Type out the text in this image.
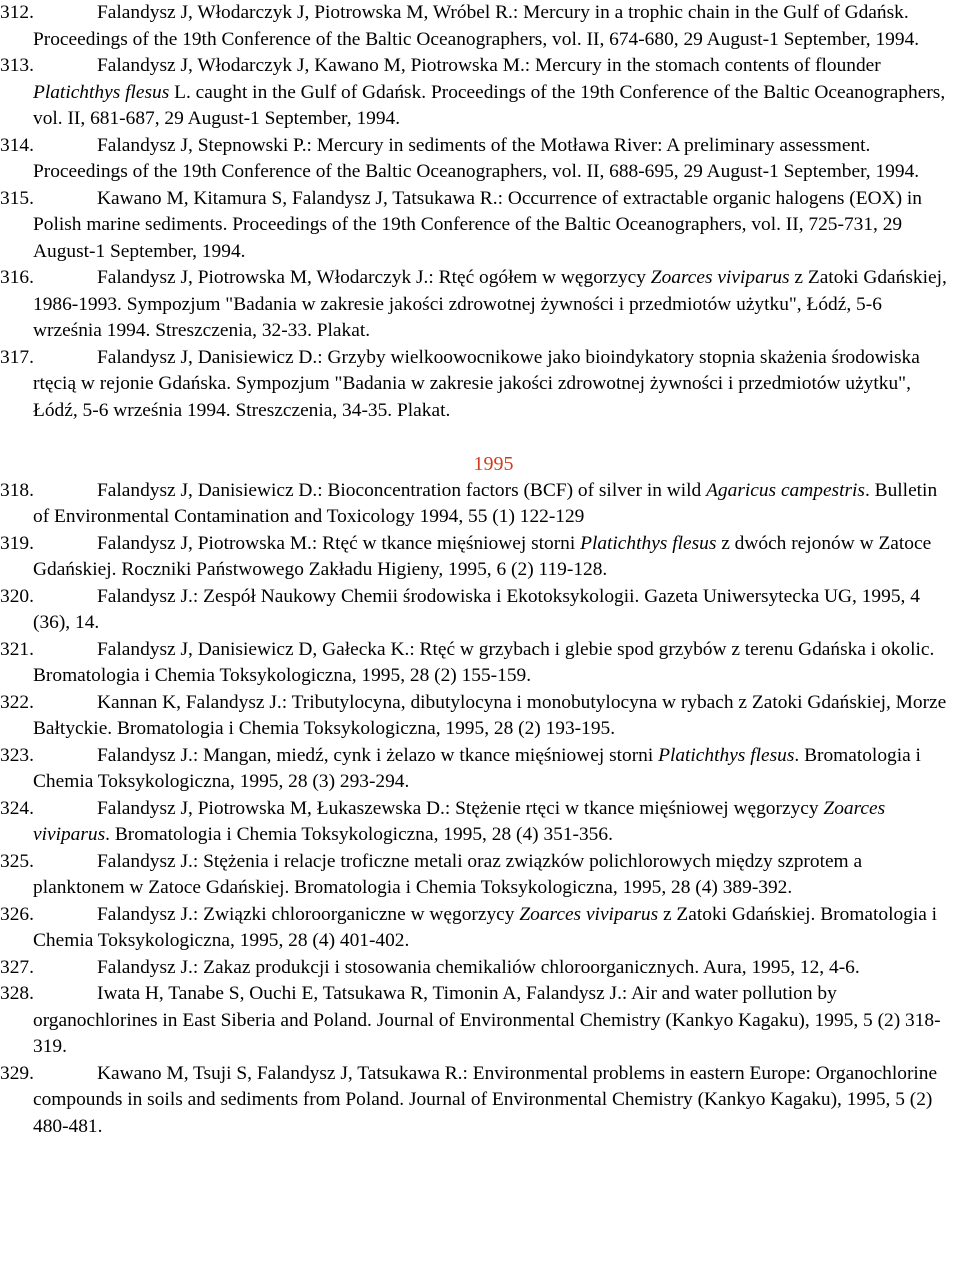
312.	Falandysz J, Włodarczyk J, Piotrowska M, Wróbel R.: Mercury in a trophic chain in the Gulf of Gdańsk. Proceedings of the 19th Conference of the Baltic Oceanographers, vol. II, 674-680, 29 August-1 September, 1994.
313.	Falandysz J, Włodarczyk J, Kawano M, Piotrowska M.: Mercury in the stomach contents of flounder Platichthys flesus L. caught in the Gulf of Gdańsk. Proceedings of the 19th Conference of the Baltic Oceanographers, vol. II, 681-687, 29 August-1 September, 1994.
314.	Falandysz J, Stepnowski P.: Mercury in sediments of the Motława River: A preliminary assessment. Proceedings of the 19th Conference of the Baltic Oceanographers, vol. II, 688-695, 29 August-1 September, 1994.
315.	Kawano M, Kitamura S, Falandysz J, Tatsukawa R.: Occurrence of extractable organic halogens (EOX) in Polish marine sediments. Proceedings of the 19th Conference of the Baltic Oceanographers, vol. II, 725-731, 29 August-1 September, 1994.
316.	Falandysz J, Piotrowska M, Włodarczyk J.: Rtęć ogółem w węgorzycy Zoarces viviparus z Zatoki Gdańskiej, 1986-1993. Sympozjum "Badania w zakresie jakości zdrowotnej żywności i przedmiotów użytku", Łódź, 5-6 września 1994. Streszczenia, 32-33. Plakat.
317.	Falandysz J, Danisiewicz D.: Grzyby wielkoowocnikowe jako bioindykatory stopnia skażenia środowiska rtęcią w rejonie Gdańska. Sympozjum "Badania w zakresie jakości zdrowotnej żywności i przedmiotów użytku", Łódź, 5-6 września 1994. Streszczenia, 34-35. Plakat.
1995
318.	Falandysz J, Danisiewicz D.: Bioconcentration factors (BCF) of silver in wild Agaricus campestris. Bulletin of Environmental Contamination and Toxicology 1994, 55 (1) 122-129
319.	Falandysz J, Piotrowska M.: Rtęć w tkance mięśniowej storni Platichthys flesus z dwóch rejonów w Zatoce Gdańskiej. Roczniki Państwowego Zakładu Higieny, 1995, 6 (2) 119-128.
320.	Falandysz J.: Zespół Naukowy Chemii środowiska i Ekotoksykologii. Gazeta Uniwersytecka UG, 1995, 4 (36), 14.
321.	Falandysz J, Danisiewicz D, Gałecka K.: Rtęć w grzybach i glebie spod grzybów z terenu Gdańska i okolic. Bromatologia i Chemia Toksykologiczna, 1995, 28 (2) 155-159.
322.	Kannan K, Falandysz J.: Tributylocyna, dibutylocyna i monobutylocyna w rybach z Zatoki Gdańskiej, Morze Bałtyckie. Bromatologia i Chemia Toksykologiczna, 1995, 28 (2) 193-195.
323.	Falandysz J.: Mangan, miedź, cynk i żelazo w tkance mięśniowej storni Platichthys flesus. Bromatologia i Chemia Toksykologiczna, 1995, 28 (3) 293-294.
324.	Falandysz J, Piotrowska M, Łukaszewska D.: Stężenie rtęci w tkance mięśniowej węgorzycy Zoarces viviparus. Bromatologia i Chemia Toksykologiczna, 1995, 28 (4) 351-356.
325.	Falandysz J.: Stężenia i relacje troficzne metali oraz związków polichlorowych między szprotem a planktonem w Zatoce Gdańskiej. Bromatologia i Chemia Toksykologiczna, 1995, 28 (4) 389-392.
326.	Falandysz J.: Związki chloroorganiczne w węgorzycy Zoarces viviparus z Zatoki Gdańskiej. Bromatologia i Chemia Toksykologiczna, 1995, 28 (4) 401-402.
327.	Falandysz J.: Zakaz produkcji i stosowania chemikaliów chloroorganicznych. Aura, 1995, 12, 4-6.
328.	Iwata H, Tanabe S, Ouchi E, Tatsukawa R, Timonin A, Falandysz J.: Air and water pollution by organochlorines in East Siberia and Poland. Journal of Environmental Chemistry (Kankyo Kagaku), 1995, 5 (2) 318-319.
329.	Kawano M, Tsuji S, Falandysz J, Tatsukawa R.: Environmental problems in eastern Europe: Organochlorine compounds in soils and sediments from Poland. Journal of Environmental Chemistry (Kankyo Kagaku), 1995, 5 (2) 480-481.
